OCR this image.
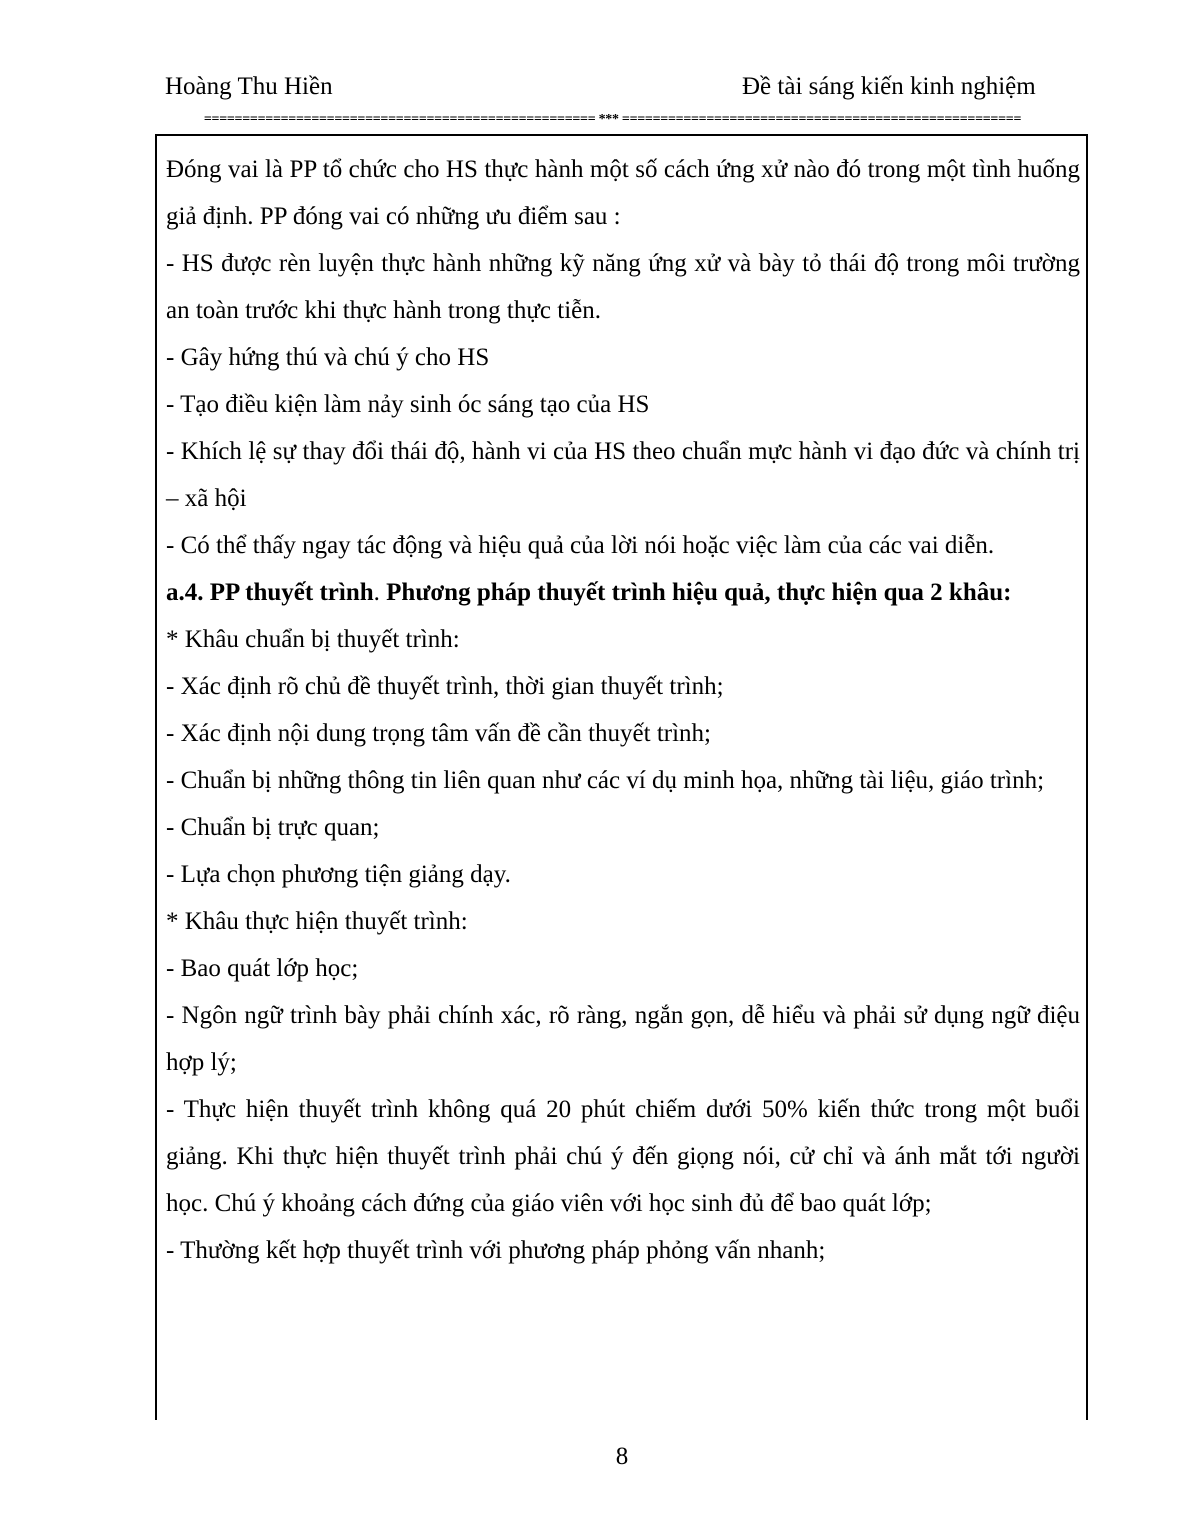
Hoàng Thu Hiền	Đề tài sáng kiến kinh nghiệm
=================================================== *** ====================================================

Đóng vai là PP tổ chức cho HS thực hành một số cách ứng xử nào đó trong một tình huống giả định. PP đóng vai có những ưu điểm sau :

- HS được rèn luyện thực hành những kỹ năng ứng xử và bày tỏ thái độ trong môi trường an toàn trước khi thực hành trong thực tiễn.

- Gây hứng thú và chú ý cho HS

- Tạo điều kiện làm nảy sinh óc sáng tạo của HS

- Khích lệ sự thay đổi thái độ, hành vi của HS theo chuẩn mực hành vi đạo đức và chính trị – xã hội

- Có thể thấy ngay tác động và hiệu quả của lời nói hoặc việc làm của các vai diễn.

a.4. PP thuyết trình. Phương pháp thuyết trình hiệu quả, thực hiện qua 2 khâu:

* Khâu chuẩn bị thuyết trình:

- Xác định rõ chủ đề thuyết trình, thời gian thuyết trình;

- Xác định nội dung trọng tâm vấn đề cần thuyết trình;

- Chuẩn bị những thông tin liên quan như các ví dụ minh họa, những tài liệu, giáo trình;

- Chuẩn bị trực quan;

- Lựa chọn phương tiện giảng dạy.

* Khâu thực hiện thuyết trình:

- Bao quát lớp học;

- Ngôn ngữ trình bày phải chính xác, rõ ràng, ngắn gọn, dễ hiểu và phải sử dụng ngữ điệu hợp lý;

- Thực hiện thuyết trình không quá 20 phút chiếm dưới 50% kiến thức trong một buổi giảng. Khi thực hiện thuyết trình phải chú ý đến giọng nói, cử chỉ và ánh mắt tới người học. Chú ý khoảng cách đứng của giáo viên với học sinh đủ để bao quát lớp;

- Thường kết hợp thuyết trình với phương pháp phỏng vấn nhanh;

8
